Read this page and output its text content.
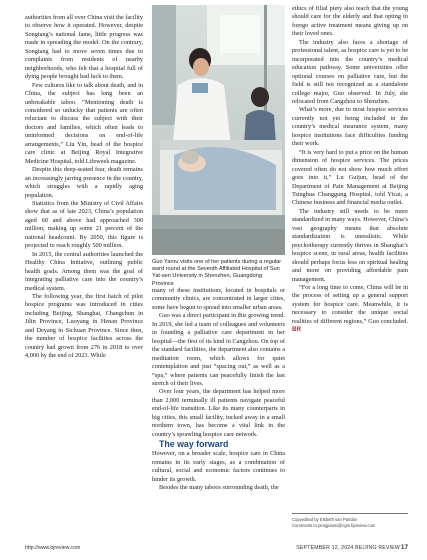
authorities from all over China visit the facility to observe how it operated. However, despite Songtang’s national fame, little progress was made in spreading the model. On the contrary, Songtang had to move seven times due to complaints from residents of nearby neighborhoods, who felt that a hospital full of dying people brought bad luck to them.

Few cultures like to talk about death, and in China, the subject has long been an unbreakable taboo. “Mentioning death is considered so unlucky that patients are often reluctant to discuss the subject with their doctors and families, which often leads to uninformed decisions on end-of-life arrangements,” Liu Yin, head of the hospice care clinic at Beijing Royal Integrative Medicine Hospital, told Lifeweek magazine.

Despite this deep-seated fear, death remains an increasingly jarring presence in the country, which struggles with a rapidly aging population.

Statistics from the Ministry of Civil Affairs show that as of late 2023, China’s population aged 60 and above had approached 300 million, making up some 21 percent of the national headcount. By 2050, this figure is projected to reach roughly 500 million.

In 2015, the central authorities launched the Healthy China Initiative, outlining public health goals. Among them was the goal of integrating palliative care into the country’s medical system.

The following year, the first batch of pilot hospice programs was introduced in cities including Beijing, Shanghai, Changchun in Jilin Province, Luoyang in Henan Province and Deyang in Sichuan Province. Since then, the number of hospice facilities across the country had grown from 276 in 2018 to over 4,000 by the end of 2023. While

Guo Yanru visits one of her patients during a regular ward round at the Seventh Affiliated Hospital of Sun Yat-sen University in Shenzhen, Guangdong Province

many of these institutions, located in hospitals or community clinics, are concentrated in larger cities, some have begun to spread into smaller urban areas.

Guo was a direct participant in this growing trend. In 2019, she led a team of colleagues and volunteers in founding a palliative care department in her hospital—the first of its kind in Cangzhou. On top of the standard facilities, the department also contains a meditation room, which allows for quiet contemplation and just “spacing out,” as well as a “spa,” where patients can peacefully finish the last stretch of their lives.

Over four years, the department has helped more than 2,000 terminally ill patients navigate peaceful end-of-life transition. Like its many counterparts in big cities, this small facility, tucked away in a small northern town, has become a vital link in the country’s sprawling hospice care network.

The way forward

However, on a broader scale, hospice care in China remains in its early stages, as a combination of cultural, social and economic factors continues to hinder its growth.

Besides the many taboos surrounding death, the

ethics of filial piety also teach that the young should care for the elderly and that opting to forego active treatment means giving up on their loved ones.

The industry also faces a shortage of professional talent, as hospice care is yet to be incorporated into the country’s medical education pathway. Some universities offer optional courses on palliative care, but the field is still not recognized as a standalone college major, Guo observed. In July, she relocated from Cangzhou to Shenzhen.

What’s more, due to most hospice services currently not yet being included in the country’s medical insurance system, many hospice institutions face difficulties funding their work.

“It is very hard to put a price on the human dimension of hospice services. The prices covered often do not show how much effort goes into it,” Lu Guijun, head of the Department of Pain Management at Beijing Tsinghua Changgung Hospital, told Yicai, a Chinese business and financial media outlet.

The industry still needs to be more standardized in many ways. However, China’s vast geography means that absolute standardization is unrealistic. While psychotherapy currently thrives in Shanghai’s hospice scene, in rural areas, health facilities should perhaps focus less on spiritual healing and more on providing affordable pain management.

“For a long time to come, China will be in the process of setting up a general support system for hospice care. Meanwhile, it is necessary to consider the unique social realities of different regions,” Guo concluded. BR

Copyedited by Elsbeth van Paridon
Comments to pengjiawei@cgtn.bjreview.com
http://www.bjreview.com	SEPTEMBER 12, 2024 BEIJING REVIEW 17
